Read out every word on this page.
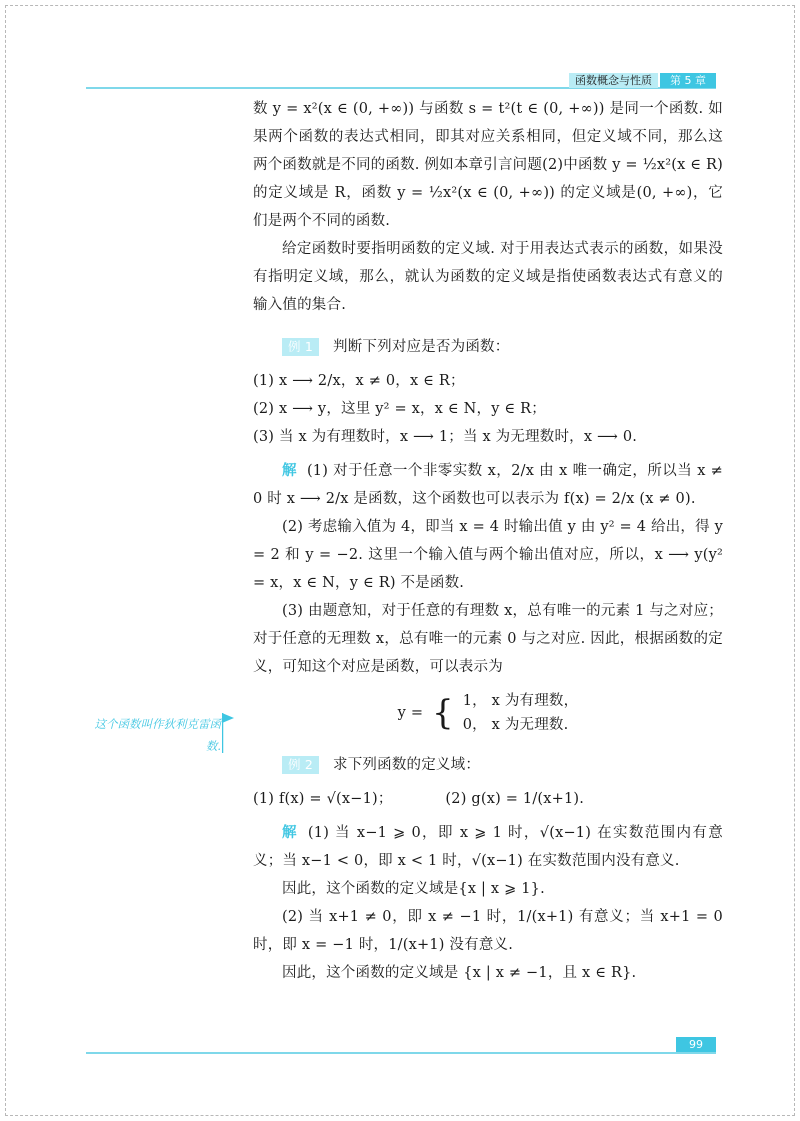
函数概念与性质	第 5 章
数 y = x²(x ∈ (0, +∞)) 与函数 s = t²(t ∈ (0, +∞)) 是同一个函数. 如果两个函数的表达式相同，即其对应关系相同，但定义域不同，那么这两个函数就是不同的函数. 例如本章引言问题(2)中函数 y = ½x²(x ∈ R) 的定义域是 R，函数 y = ½x²(x ∈ (0, +∞)) 的定义域是(0, +∞)，它们是两个不同的函数.
给定函数时要指明函数的定义域. 对于用表达式表示的函数，如果没有指明定义域，那么，就认为函数的定义域是指使函数表达式有意义的输入值的集合.
例 1 判断下列对应是否为函数：
(1) x ⟶ 2/x，x ≠ 0，x ∈ R；
(2) x ⟶ y，这里 y² = x，x ∈ N，y ∈ R；
(3) 当 x 为有理数时，x ⟶ 1；当 x 为无理数时，x ⟶ 0.
解 (1) 对于任意一个非零实数 x，2/x 由 x 唯一确定，所以当 x ≠ 0 时 x ⟶ 2/x 是函数，这个函数也可以表示为 f(x) = 2/x (x ≠ 0).
(2) 考虑输入值为 4，即当 x = 4 时输出值 y 由 y² = 4 给出，得 y = 2 和 y = −2. 这里一个输入值与两个输出值对应，所以，x ⟶ y(y² = x，x ∈ N，y ∈ R) 不是函数.
(3) 由题意知，对于任意的有理数 x，总有唯一的元素 1 与之对应；对于任意的无理数 x，总有唯一的元素 0 与之对应. 因此，根据函数的定义，可知这个对应是函数，可以表示为
y = { 1， x 为有理数，
0， x 为无理数.
例 2 求下列函数的定义域：
(1) f(x) = √(x−1)；	(2) g(x) = 1/(x+1).
解 (1) 当 x−1 ⩾ 0，即 x ⩾ 1 时，√(x−1) 在实数范围内有意义；当 x−1 < 0，即 x < 1 时，√(x−1) 在实数范围内没有意义.
因此，这个函数的定义域是{x | x ⩾ 1}.
(2) 当 x+1 ≠ 0，即 x ≠ −1 时，1/(x+1) 有意义；当 x+1 = 0 时，即 x = −1 时，1/(x+1) 没有意义.
因此，这个函数的定义域是 {x | x ≠ −1，且 x ∈ R}.
这个函数叫作狄利克雷函数.
99
